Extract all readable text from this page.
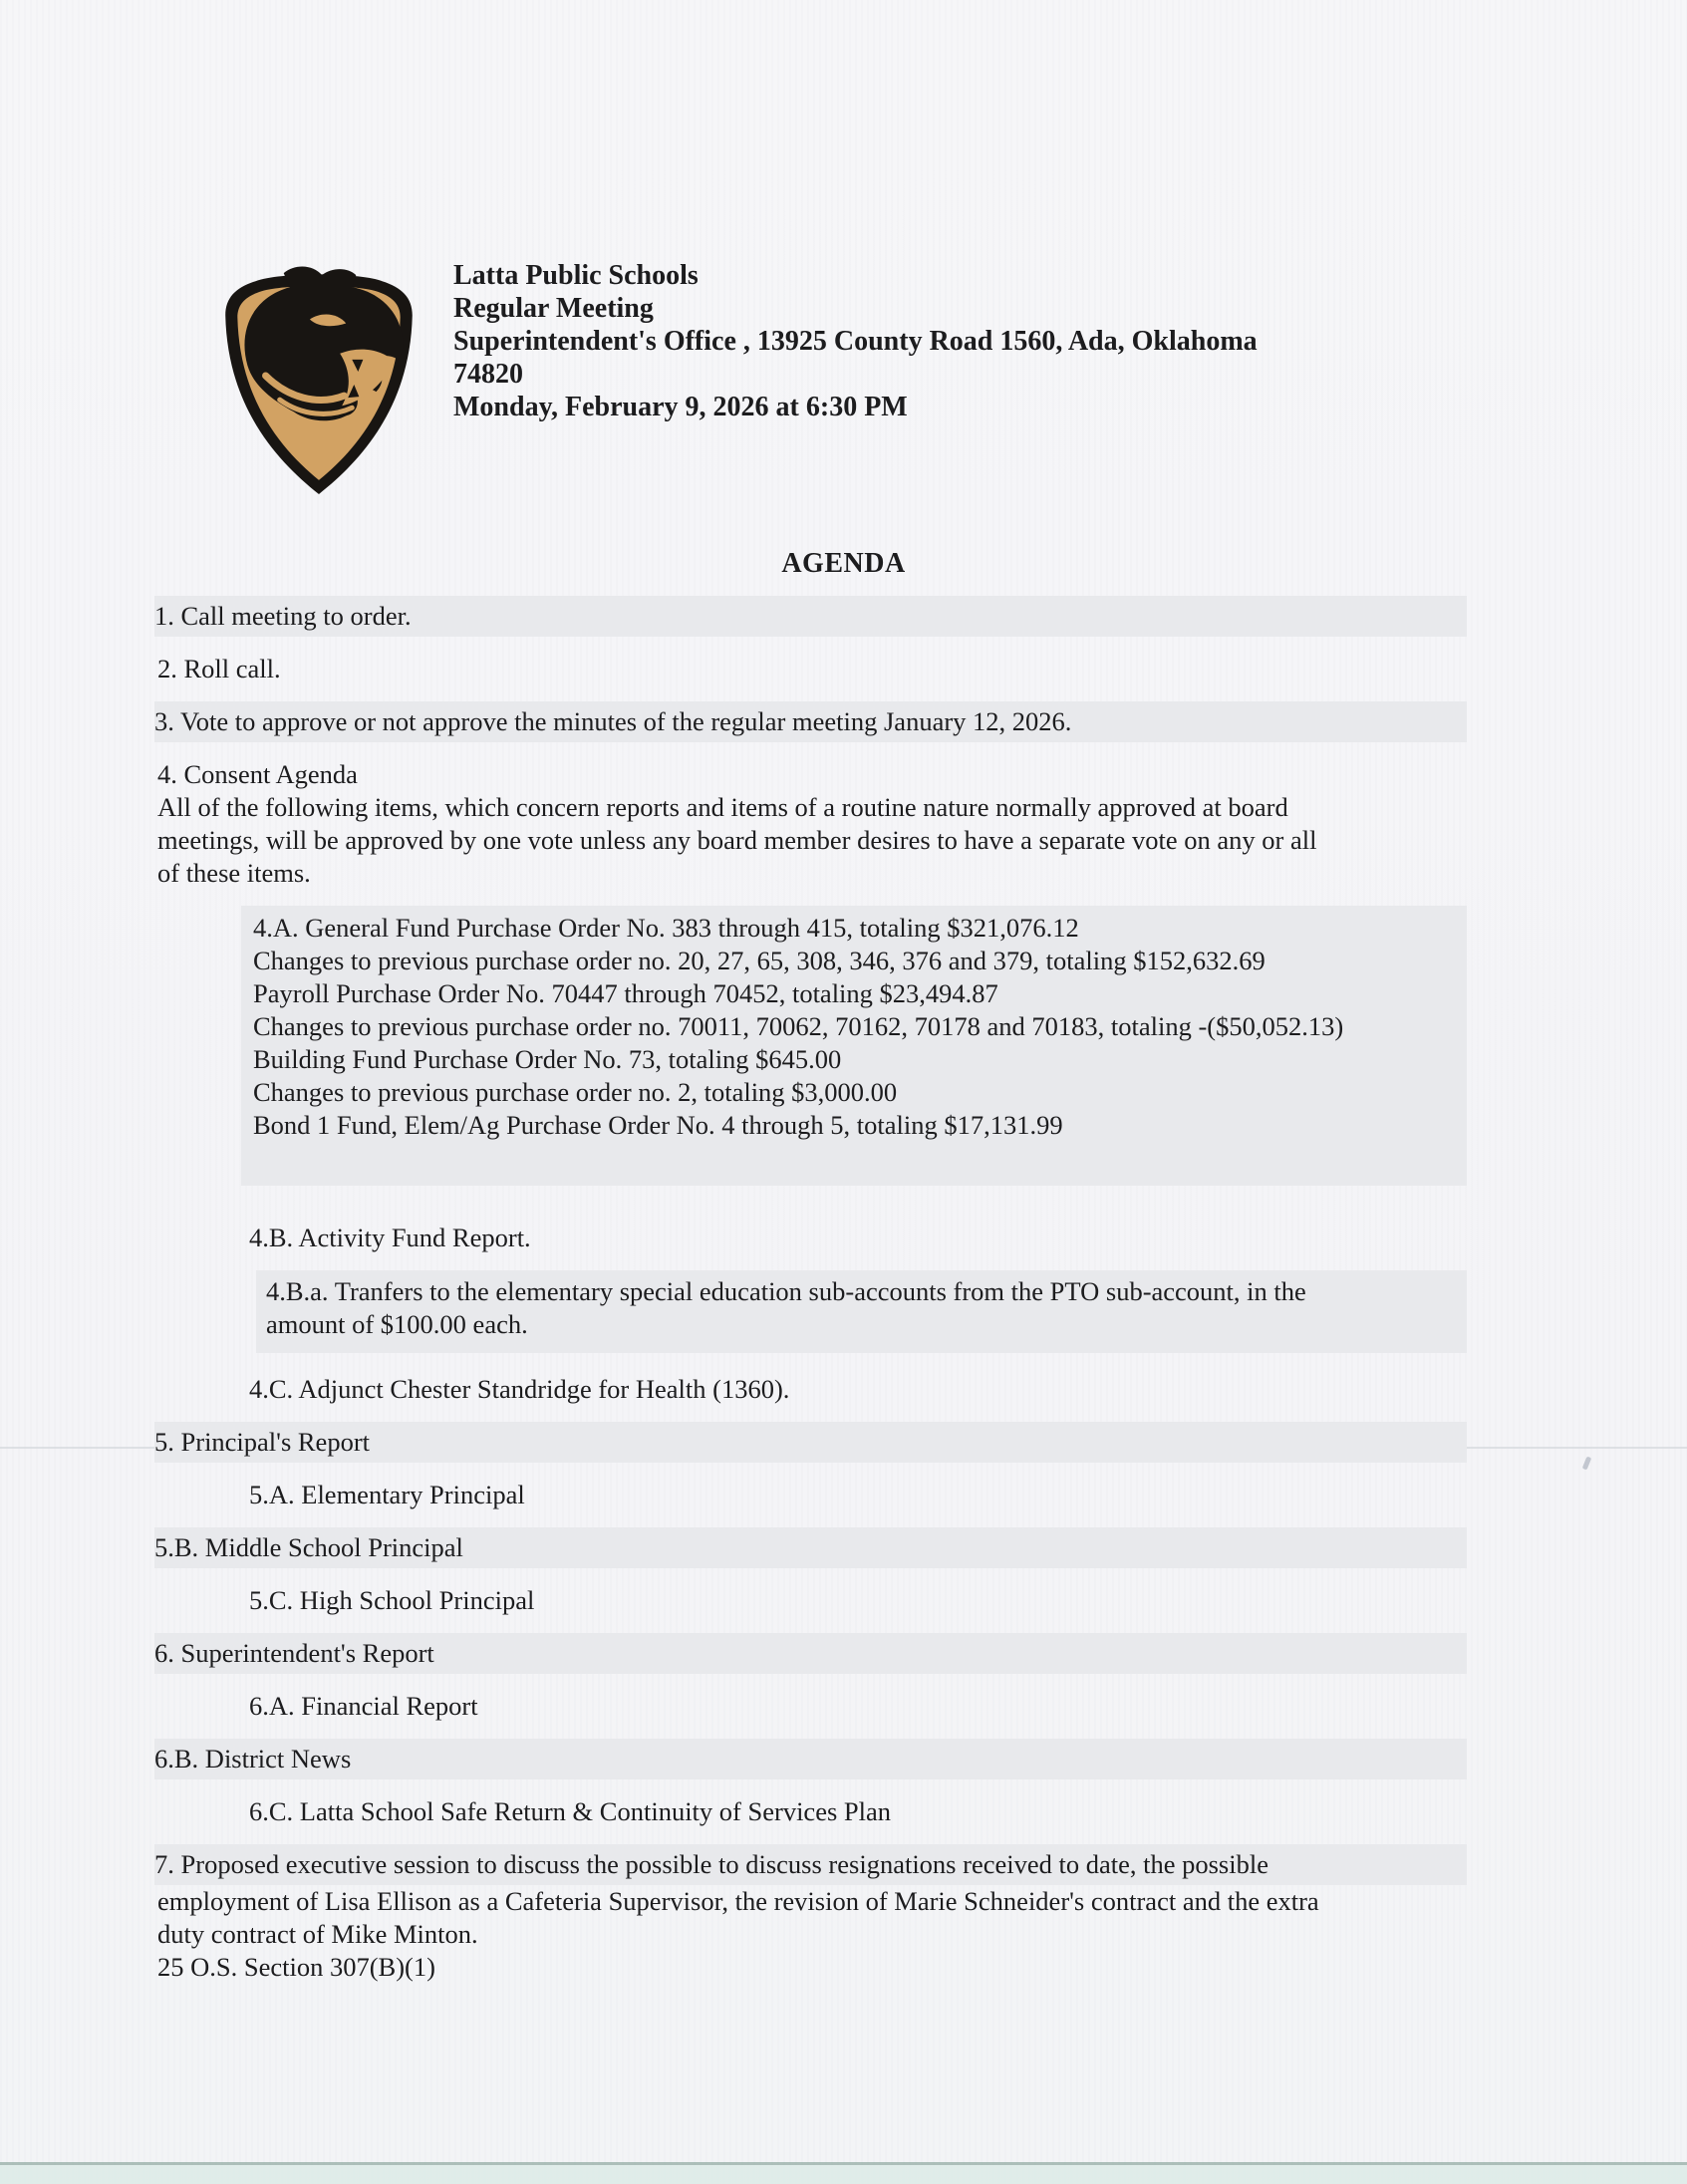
Latta Public Schools
Regular Meeting
Superintendent's Office , 13925 County Road 1560, Ada, Oklahoma
74820
Monday, February 9, 2026 at 6:30 PM
AGENDA
1. Call meeting to order.
2. Roll call.
3. Vote to approve or not approve the minutes of the regular meeting January 12, 2026.
4. Consent Agenda
All of the following items, which concern reports and items of a routine nature normally approved at board
meetings, will be approved by one vote unless any board member desires to have a separate vote on any or all
of these items.
4.A. General Fund Purchase Order No. 383 through 415, totaling $321,076.12
Changes to previous purchase order no. 20, 27, 65, 308, 346, 376 and 379, totaling $152,632.69
Payroll Purchase Order No. 70447 through 70452, totaling $23,494.87
Changes to previous purchase order no. 70011, 70062, 70162, 70178 and 70183, totaling -($50,052.13)
Building Fund Purchase Order No. 73, totaling $645.00
Changes to previous purchase order no. 2, totaling $3,000.00
Bond 1 Fund, Elem/Ag Purchase Order No. 4 through 5, totaling $17,131.99
4.B. Activity Fund Report.
4.B.a. Tranfers to the elementary special education sub-accounts from the PTO sub-account, in the
amount of $100.00 each.
4.C. Adjunct Chester Standridge for Health (1360).
5. Principal's Report
5.A. Elementary Principal
5.B. Middle School Principal
5.C. High School Principal
6. Superintendent's Report
6.A. Financial Report
6.B. District News
6.C. Latta School Safe Return & Continuity of Services Plan
7. Proposed executive session to discuss the possible to discuss resignations received to date, the possible
employment of Lisa Ellison as a Cafeteria Supervisor, the revision of Marie Schneider's contract and the extra
duty contract of Mike Minton.
25 O.S. Section 307(B)(1)
